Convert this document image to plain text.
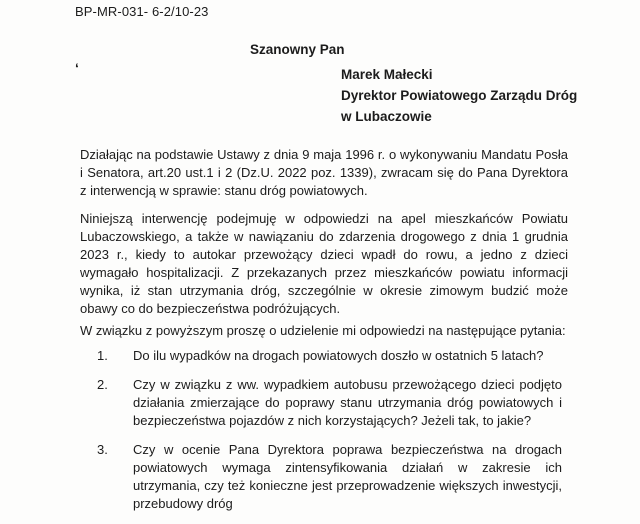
BP-MR-031- 6-2/10-23
‘
Szanowny Pan
Marek Małecki
Dyrektor Powiatowego Zarządu Dróg
w Lubaczowie
Działając na podstawie Ustawy z dnia 9 maja 1996 r. o wykonywaniu Mandatu Posła i Senatora, art.20 ust.1 i 2 (Dz.U. 2022 poz. 1339), zwracam się do Pana Dyrektora z interwencją w sprawie: stanu dróg powiatowych.
Niniejszą interwencję podejmuję w odpowiedzi na apel mieszkańców Powiatu Lubaczowskiego, a także w nawiązaniu do zdarzenia drogowego z dnia 1 grudnia 2023 r., kiedy to autokar przewożący dzieci wpadł do rowu, a jedno z dzieci wymagało hospitalizacji. Z przekazanych przez mieszkańców powiatu informacji wynika, iż stan utrzymania dróg, szczególnie w okresie zimowym budzić może obawy co do bezpieczeństwa podróżujących.
W związku z powyższym proszę o udzielenie mi odpowiedzi na następujące pytania:
1.	Do ilu wypadków na drogach powiatowych doszło w ostatnich 5 latach?
2.	Czy w związku z ww. wypadkiem autobusu przewożącego dzieci podjęto działania zmierzające do poprawy stanu utrzymania dróg powiatowych i bezpieczeństwa pojazdów z nich korzystających? Jeżeli tak, to jakie?
3.	Czy w ocenie Pana Dyrektora poprawa bezpieczeństwa na drogach powiatowych wymaga zintensyfikowania działań w zakresie ich utrzymania, czy też konieczne jest przeprowadzenie większych inwestycji, przebudowy dróg
